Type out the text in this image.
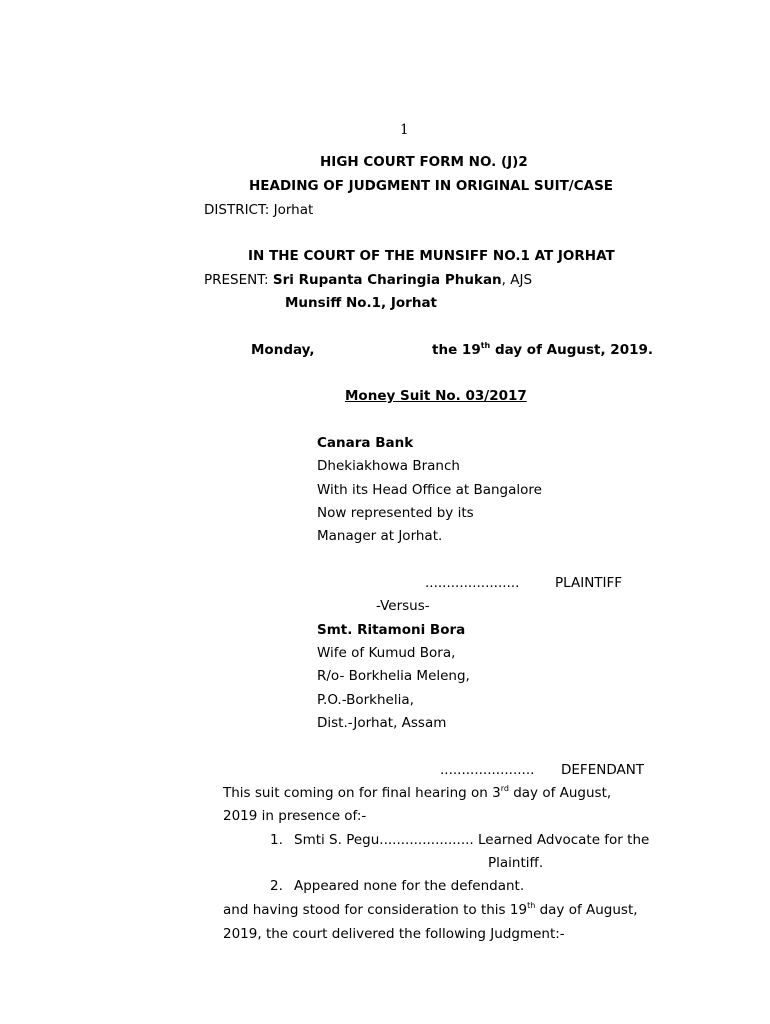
1
HIGH COURT FORM NO. (J)2
HEADING OF JUDGMENT IN ORIGINAL SUIT/CASE
DISTRICT: Jorhat
IN THE COURT OF THE MUNSIFF NO.1 AT JORHAT
PRESENT: Sri Rupanta Charingia Phukan, AJS
Munsiff No.1, Jorhat
Monday,	the 19th day of August, 2019.
Money Suit No. 03/2017
Canara Bank
Dhekiakhowa Branch
With its Head Office at Bangalore
Now represented by its
Manager at Jorhat.
......................	PLAINTIFF
-Versus-
Smt. Ritamoni Bora
Wife of Kumud Bora,
R/o- Borkhelia Meleng,
P.O.-Borkhelia,
Dist.-Jorhat, Assam
...................... DEFENDANT
This suit coming on for final hearing on 3rd day of August,
2019 in presence of:-
1. Smti S. Pegu...................... Learned Advocate for the
Plaintiff.
2. Appeared none for the defendant.
and having stood for consideration to this 19th day of August,
2019, the court delivered the following Judgment:-
